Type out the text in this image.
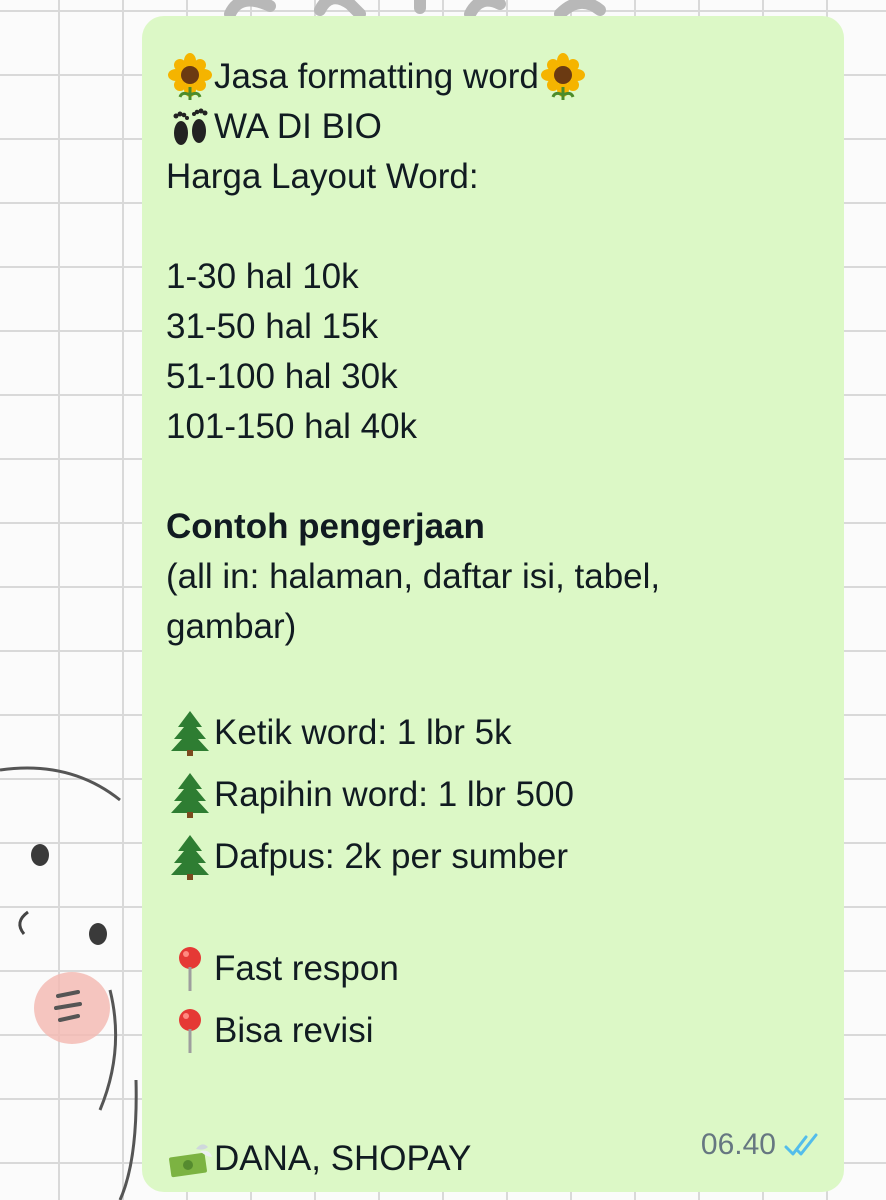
Jasa formatting word
WA DI BIO
Harga Layout Word:
1-30 hal 10k
31-50 hal 15k
51-100 hal 30k
101-150 hal 40k
Contoh pengerjaan
(all in: halaman, daftar isi, tabel,
gambar)
Ketik word: 1 lbr 5k
Rapihin word: 1 lbr 500
Dafpus: 2k per sumber
Fast respon
Bisa revisi
DANA, SHOPAY	06.40
